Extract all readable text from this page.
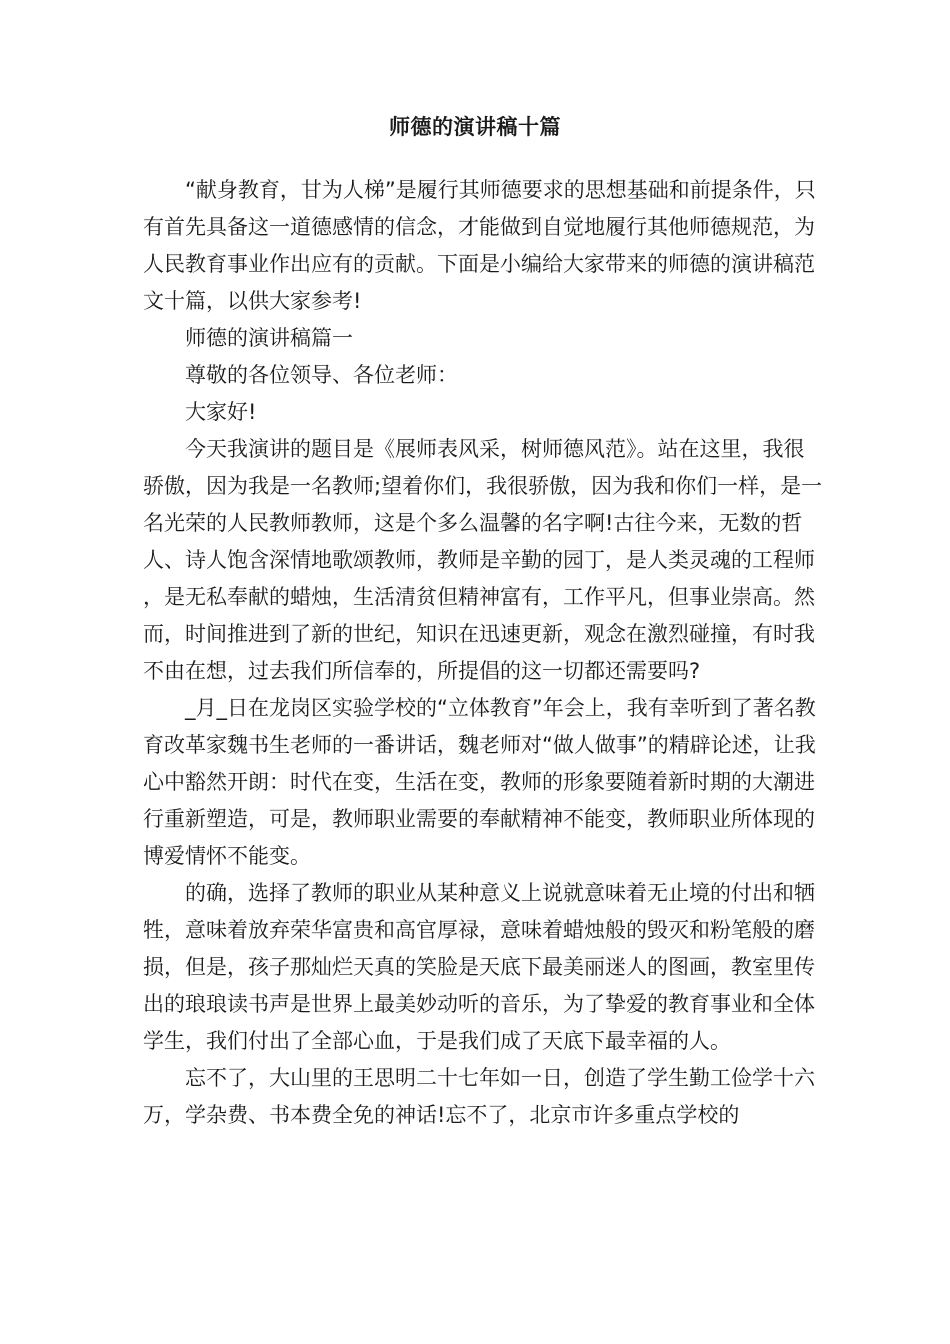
师德的演讲稿十篇

“献身教育，甘为人梯”是履行其师德要求的思想基础和前提条件，只有首先具备这一道德感情的信念，才能做到自觉地履行其他师德规范，为人民教育事业作出应有的贡献。下面是小编给大家带来的师德的演讲稿范文十篇，以供大家参考!

师德的演讲稿篇一

尊敬的各位领导、各位老师：

大家好!

今天我演讲的题目是《展师表风采，树师德风范》。站在这里，我很骄傲，因为我是一名教师;望着你们，我很骄傲，因为我和你们一样，是一名光荣的人民教师教师，这是个多么温馨的名字啊!古往今来，无数的哲人、诗人饱含深情地歌颂教师，教师是辛勤的园丁，是人类灵魂的工程师，是无私奉献的蜡烛，生活清贫但精神富有，工作平凡，但事业崇高。然而，时间推进到了新的世纪，知识在迅速更新，观念在激烈碰撞，有时我不由在想，过去我们所信奉的，所提倡的这一切都还需要吗?

_月_日在龙岗区实验学校的“立体教育”年会上，我有幸听到了著名教育改革家魏书生老师的一番讲话，魏老师对“做人做事”的精辟论述，让我心中豁然开朗：时代在变，生活在变，教师的形象要随着新时期的大潮进行重新塑造，可是，教师职业需要的奉献精神不能变，教师职业所体现的博爱情怀不能变。

的确，选择了教师的职业从某种意义上说就意味着无止境的付出和牺牲，意味着放弃荣华富贵和高官厚禄，意味着蜡烛般的毁灭和粉笔般的磨损，但是，孩子那灿烂天真的笑脸是天底下最美丽迷人的图画，教室里传出的琅琅读书声是世界上最美妙动听的音乐，为了挚爱的教育事业和全体学生，我们付出了全部心血，于是我们成了天底下最幸福的人。

忘不了，大山里的王思明二十七年如一日，创造了学生勤工俭学十六万，学杂费、书本费全免的神话!忘不了，北京市许多重点学校的
